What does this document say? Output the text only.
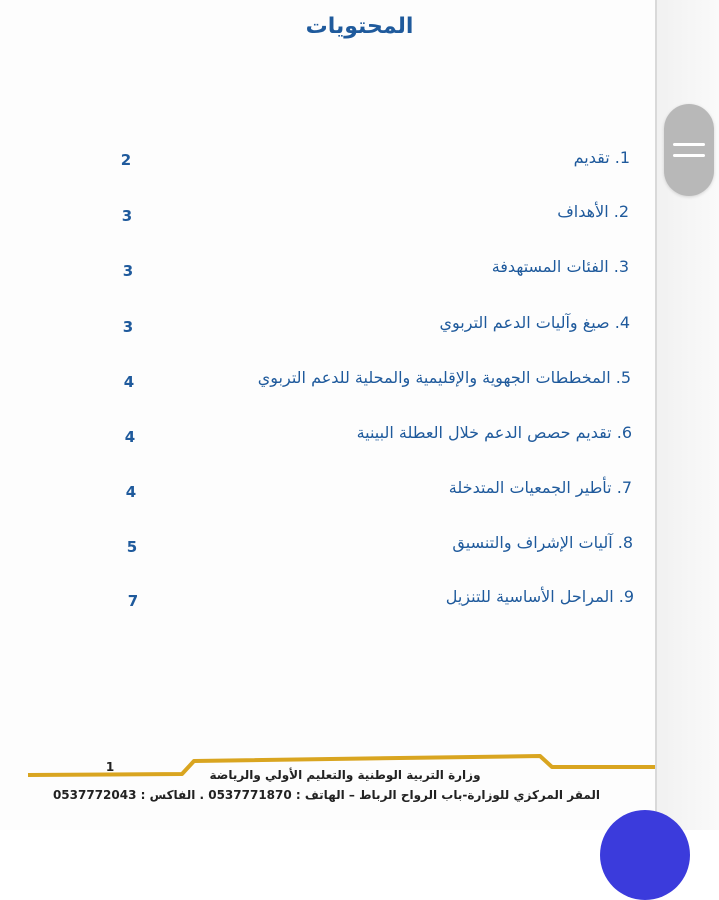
المحتويات
1. تقديم
2
2. الأهداف
3
3. الفئات المستهدفة
3
4. صيغ وآليات الدعم التربوي
3
5. المخططات الجهوية والإقليمية والمحلية للدعم التربوي
4
6. تقديم حصص الدعم خلال العطلة البينية
4
7. تأطير الجمعيات المتدخلة
4
8. آليات الإشراف والتنسيق
5
9. المراحل الأساسية للتنزيل
7
1
وزارة التربية الوطنية والتعليم الأولي والرياضة
المقر المركزي للوزارة-باب الرواح الرباط – الهاتف : 0537771870 . الفاكس : 0537772043
